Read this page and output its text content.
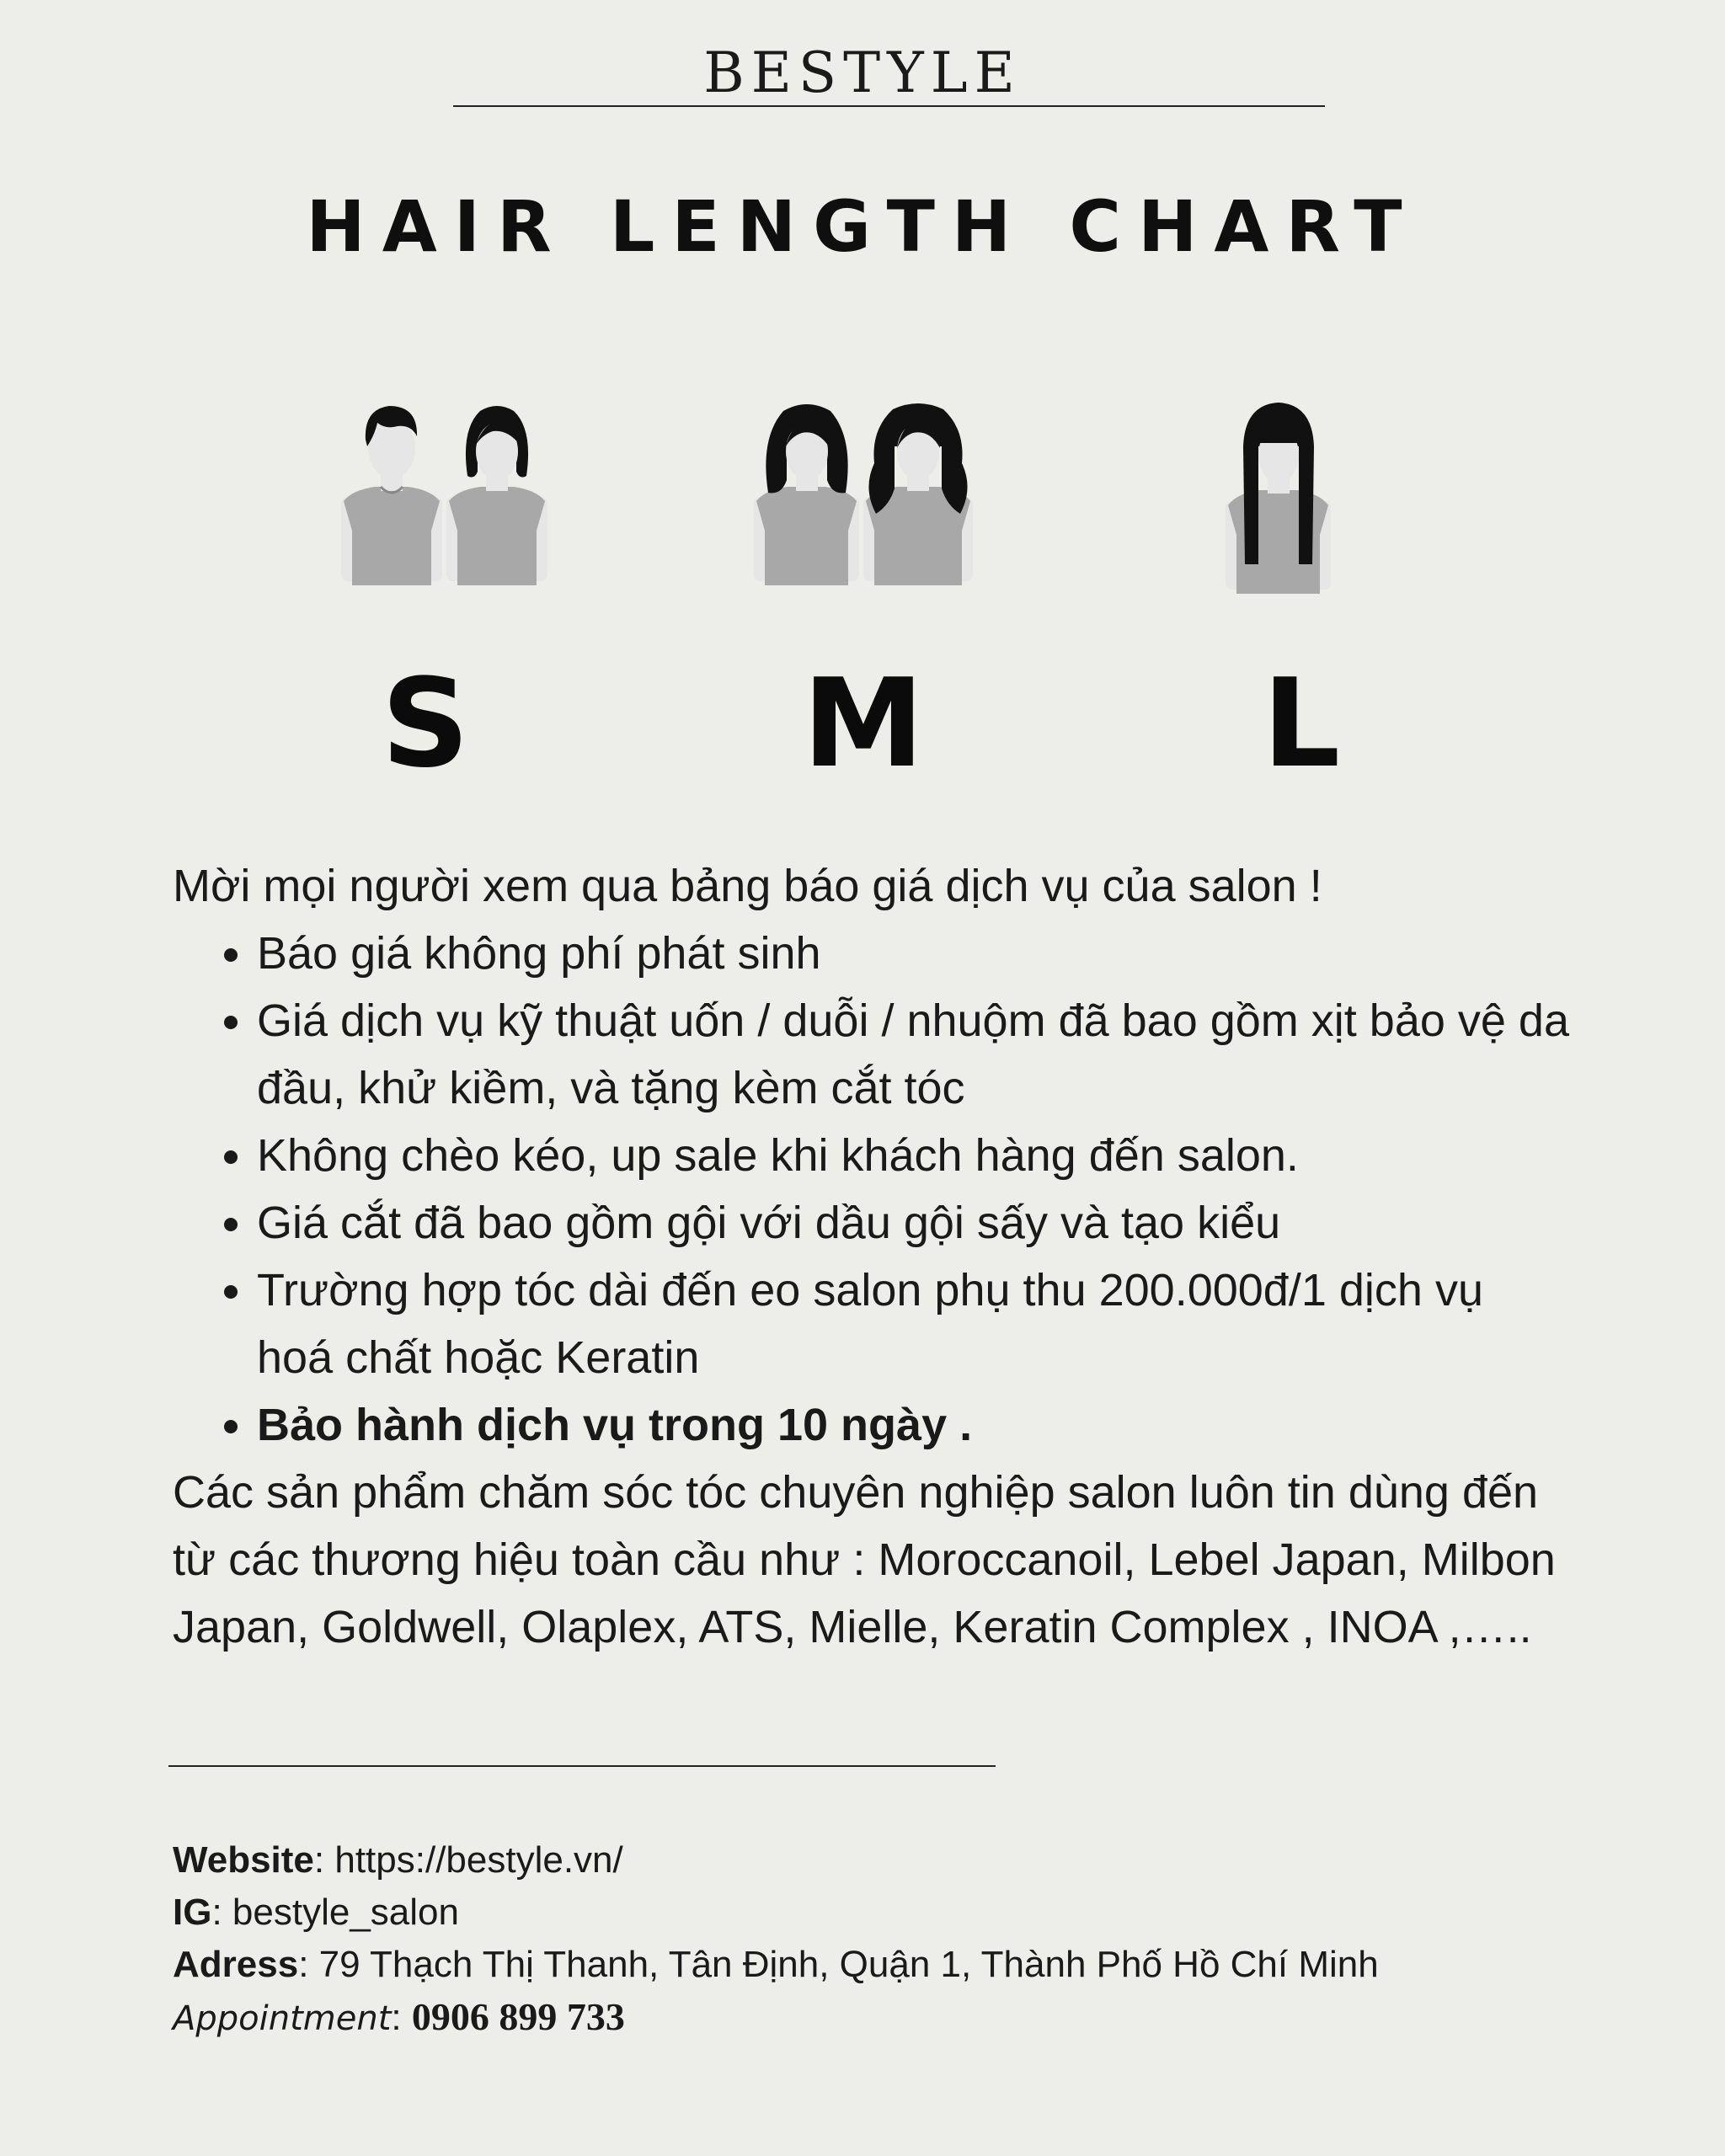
BESTYLE
HAIR LENGTH CHART
S	M	L

Mời mọi người xem qua bảng báo giá dịch vụ của salon !

• Báo giá không phí phát sinh
• Giá dịch vụ kỹ thuật uốn / duỗi / nhuộm đã bao gồm xịt bảo vệ da đầu, khử kiềm, và tặng kèm cắt tóc
• Không chèo kéo, up sale khi khách hàng đến salon.
• Giá cắt đã bao gồm gội với dầu gội sấy và tạo kiểu
• Trường hợp tóc dài đến eo salon phụ thu 200.000đ/1 dịch vụ hoá chất hoặc Keratin
• Bảo hành dịch vụ trong 10 ngày .

Các sản phẩm chăm sóc tóc chuyên nghiệp salon luôn tin dùng đến từ các thương hiệu toàn cầu như : Moroccanoil, Lebel Japan, Milbon Japan, Goldwell, Olaplex, ATS, Mielle, Keratin Complex , INOA ,…..

Website: https://bestyle.vn/
IG: bestyle_salon
Adress: 79 Thạch Thị Thanh, Tân Định, Quận 1, Thành Phố Hồ Chí Minh
Appointment: 0906 899 733
